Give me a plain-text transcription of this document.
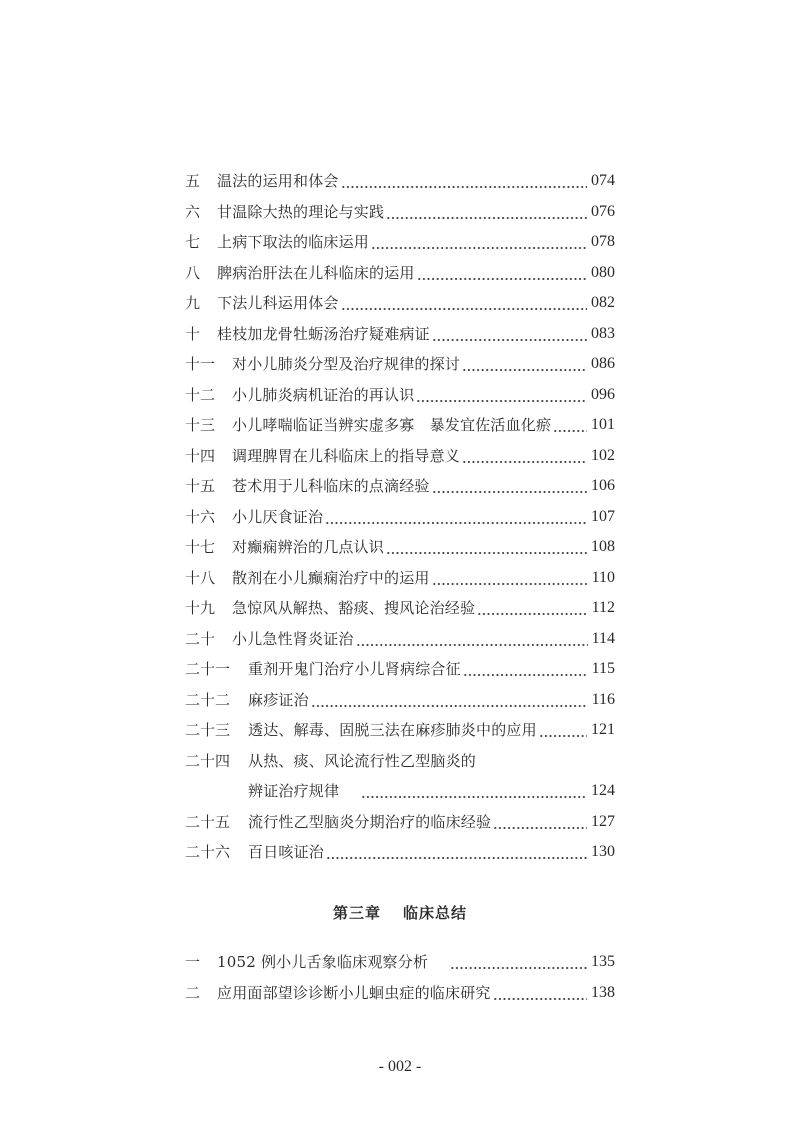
五	温法的运用和体会	074
六	甘温除大热的理论与实践	076
七	上病下取法的临床运用	078
八	脾病治肝法在儿科临床的运用	080
九	下法儿科运用体会	082
十	桂枝加龙骨牡蛎汤治疗疑难病证	083
十一	对小儿肺炎分型及治疗规律的探讨	086
十二	小儿肺炎病机证治的再认识	096
十三	小儿哮喘临证当辨实虚多寡　暴发宜佐活血化瘀 101
十四	调理脾胃在儿科临床上的指导意义	102
十五	苍术用于儿科临床的点滴经验	106
十六	小儿厌食证治	107
十七	对癫痫辨治的几点认识	108
十八	散剂在小儿癫痫治疗中的运用	110
十九	急惊风从解热、豁痰、搜风论治经验	112
二十	小儿急性肾炎证治	114
二十一	重剂开鬼门治疗小儿肾病综合征	115
二十二	麻疹证治	116
二十三	透达、解毒、固脱三法在麻疹肺炎中的应用	121
二十四	从热、痰、风论流行性乙型脑炎的
辨证治疗规律	124
二十五	流行性乙型脑炎分期治疗的临床经验	127
二十六	百日咳证治	130
第三章 临床总结
一	1052 例小儿舌象临床观察分析	135
二	应用面部望诊诊断小儿蛔虫症的临床研究	138
- 002 -
